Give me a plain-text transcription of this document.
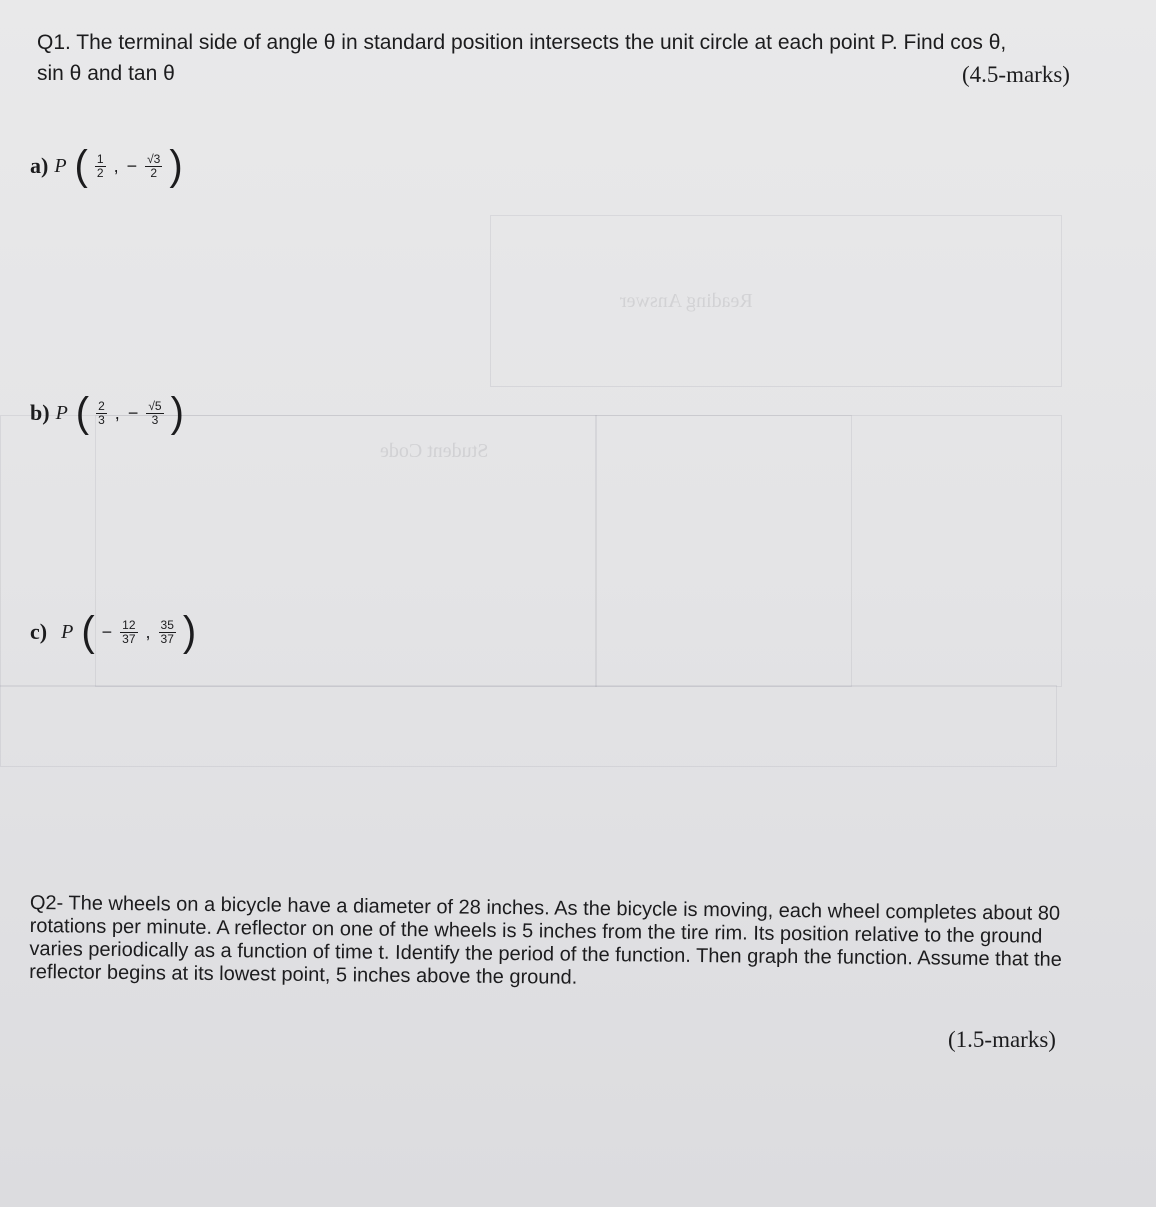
Reading Answer
Student Code
Q1. The terminal side of angle θ in standard position intersects the unit circle at each point P. Find cos θ,
sin θ and tan θ	(4.5-marks)
a) P ( $\frac{1}{2}$ , − $\frac{√3}{2}$ )
b) P ( $\frac{2}{3}$ , − $\frac{√5}{3}$ )
c) P ( − $\frac{12}{37}$ , $\frac{35}{37}$ )
Q2- The wheels on a bicycle have a diameter of 28 inches. As the bicycle is moving, each wheel completes about 80 rotations per minute. A reflector on one of the wheels is 5 inches from the tire rim. Its position relative to the ground varies periodically as a function of time t. Identify the period of the function. Then graph the function. Assume that the reflector begins at its lowest point, 5 inches above the ground.
(1.5-marks)
